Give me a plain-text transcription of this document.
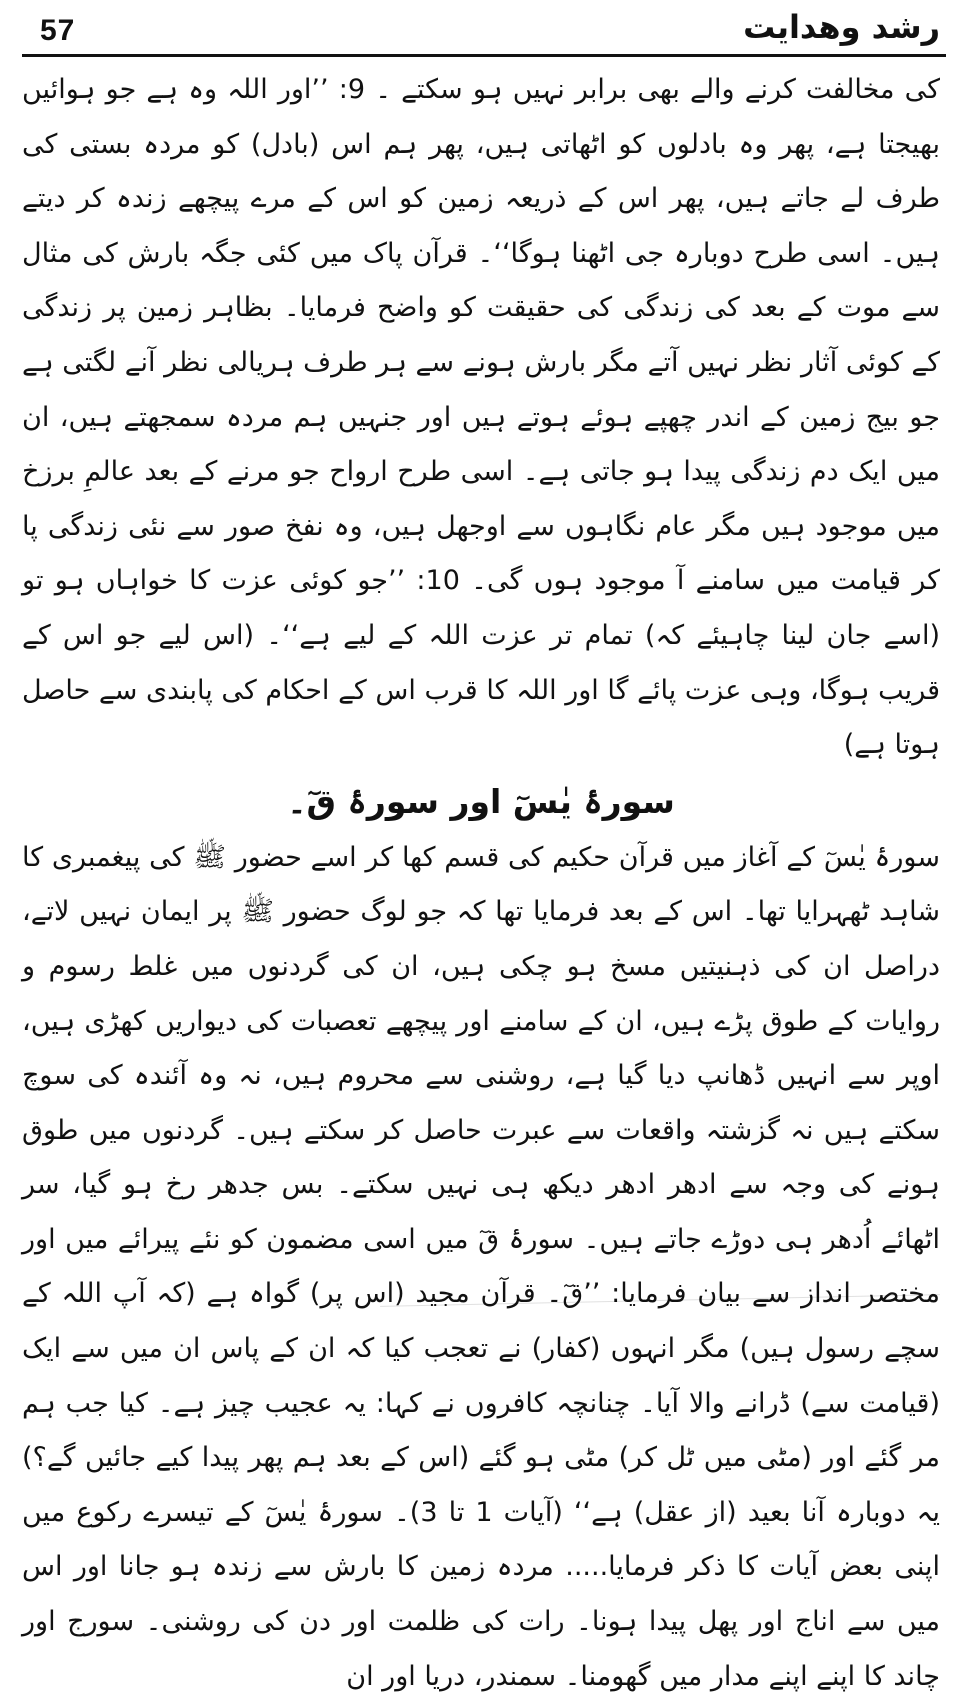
57	رشد وھدایت

کی مخالفت کرنے والے بھی برابر نہیں ہو سکتے ۔ 9: ’’اور اللہ وہ ہے جو ہوائیں بھیجتا ہے، پھر وہ بادلوں کو اٹھاتی ہیں، پھر ہم اس (بادل) کو مردہ بستی کی طرف لے جاتے ہیں، پھر اس کے ذریعہ زمین کو اس کے مرے پیچھے زندہ کر دیتے ہیں۔ اسی طرح دوبارہ جی اٹھنا ہوگا‘‘۔ قرآن پاک میں کئی جگہ بارش کی مثال سے موت کے بعد کی زندگی کی حقیقت کو واضح فرمایا۔ بظاہر زمین پر زندگی کے کوئی آثار نظر نہیں آتے مگر بارش ہونے سے ہر طرف ہریالی نظر آنے لگتی ہے جو بیج زمین کے اندر چھپے ہوئے ہوتے ہیں اور جنہیں ہم مردہ سمجھتے ہیں، ان میں ایک دم زندگی پیدا ہو جاتی ہے۔ اسی طرح ارواح جو مرنے کے بعد عالمِ برزخ میں موجود ہیں مگر عام نگاہوں سے اوجھل ہیں، وہ نفخ صور سے نئی زندگی پا کر قیامت میں سامنے آ موجود ہوں گی۔ 10: ’’جو کوئی عزت کا خواہاں ہو تو (اسے جان لینا چاہیئے کہ) تمام تر عزت اللہ کے لیے ہے‘‘۔ (اس لیے جو اس کے قریب ہوگا، وہی عزت پائے گا اور اللہ کا قرب اس کے احکام کی پابندی سے حاصل ہوتا ہے)

سورۂ یٰسٓ اور سورۂ قٓ۔

سورۂ یٰسٓ کے آغاز میں قرآن حکیم کی قسم کھا کر اسے حضور ﷺ کی پیغمبری کا شاہد ٹھہرایا تھا۔ اس کے بعد فرمایا تھا کہ جو لوگ حضور ﷺ پر ایمان نہیں لاتے، دراصل ان کی ذہنیتیں مسخ ہو چکی ہیں، ان کی گردنوں میں غلط رسوم و روایات کے طوق پڑے ہیں، ان کے سامنے اور پیچھے تعصبات کی دیواریں کھڑی ہیں، اوپر سے انہیں ڈھانپ دیا گیا ہے، روشنی سے محروم ہیں، نہ وہ آئندہ کی سوچ سکتے ہیں نہ گزشتہ واقعات سے عبرت حاصل کر سکتے ہیں۔ گردنوں میں طوق ہونے کی وجہ سے ادھر ادھر دیکھ ہی نہیں سکتے۔ بس جدھر رخ ہو گیا، سر اٹھائے اُدھر ہی دوڑے جاتے ہیں۔ سورۂ قٓ میں اسی مضمون کو نئے پیرائے میں اور مختصر انداز سے بیان فرمایا: ’’قٓ۔ قرآن مجید (اس پر) گواہ ہے (کہ آپ اللہ کے سچے رسول ہیں) مگر انہوں (کفار) نے تعجب کیا کہ ان کے پاس ان میں سے ایک (قیامت سے) ڈرانے والا آیا۔ چنانچہ کافروں نے کہا: یہ عجیب چیز ہے۔ کیا جب ہم مر گئے اور (مٹی میں ٹل کر) مٹی ہو گئے (اس کے بعد ہم پھر پیدا کیے جائیں گے؟) یہ دوبارہ آنا بعید (از عقل) ہے‘‘ (آیات 1 تا 3)۔ سورۂ یٰسٓ کے تیسرے رکوع میں اپنی بعض آیات کا ذکر فرمایا..... مردہ زمین کا بارش سے زندہ ہو جانا اور اس میں سے اناج اور پھل پیدا ہونا۔ رات کی ظلمت اور دن کی روشنی۔ سورج اور چاند کا اپنے اپنے مدار میں گھومنا۔ سمندر، دریا اور ان
